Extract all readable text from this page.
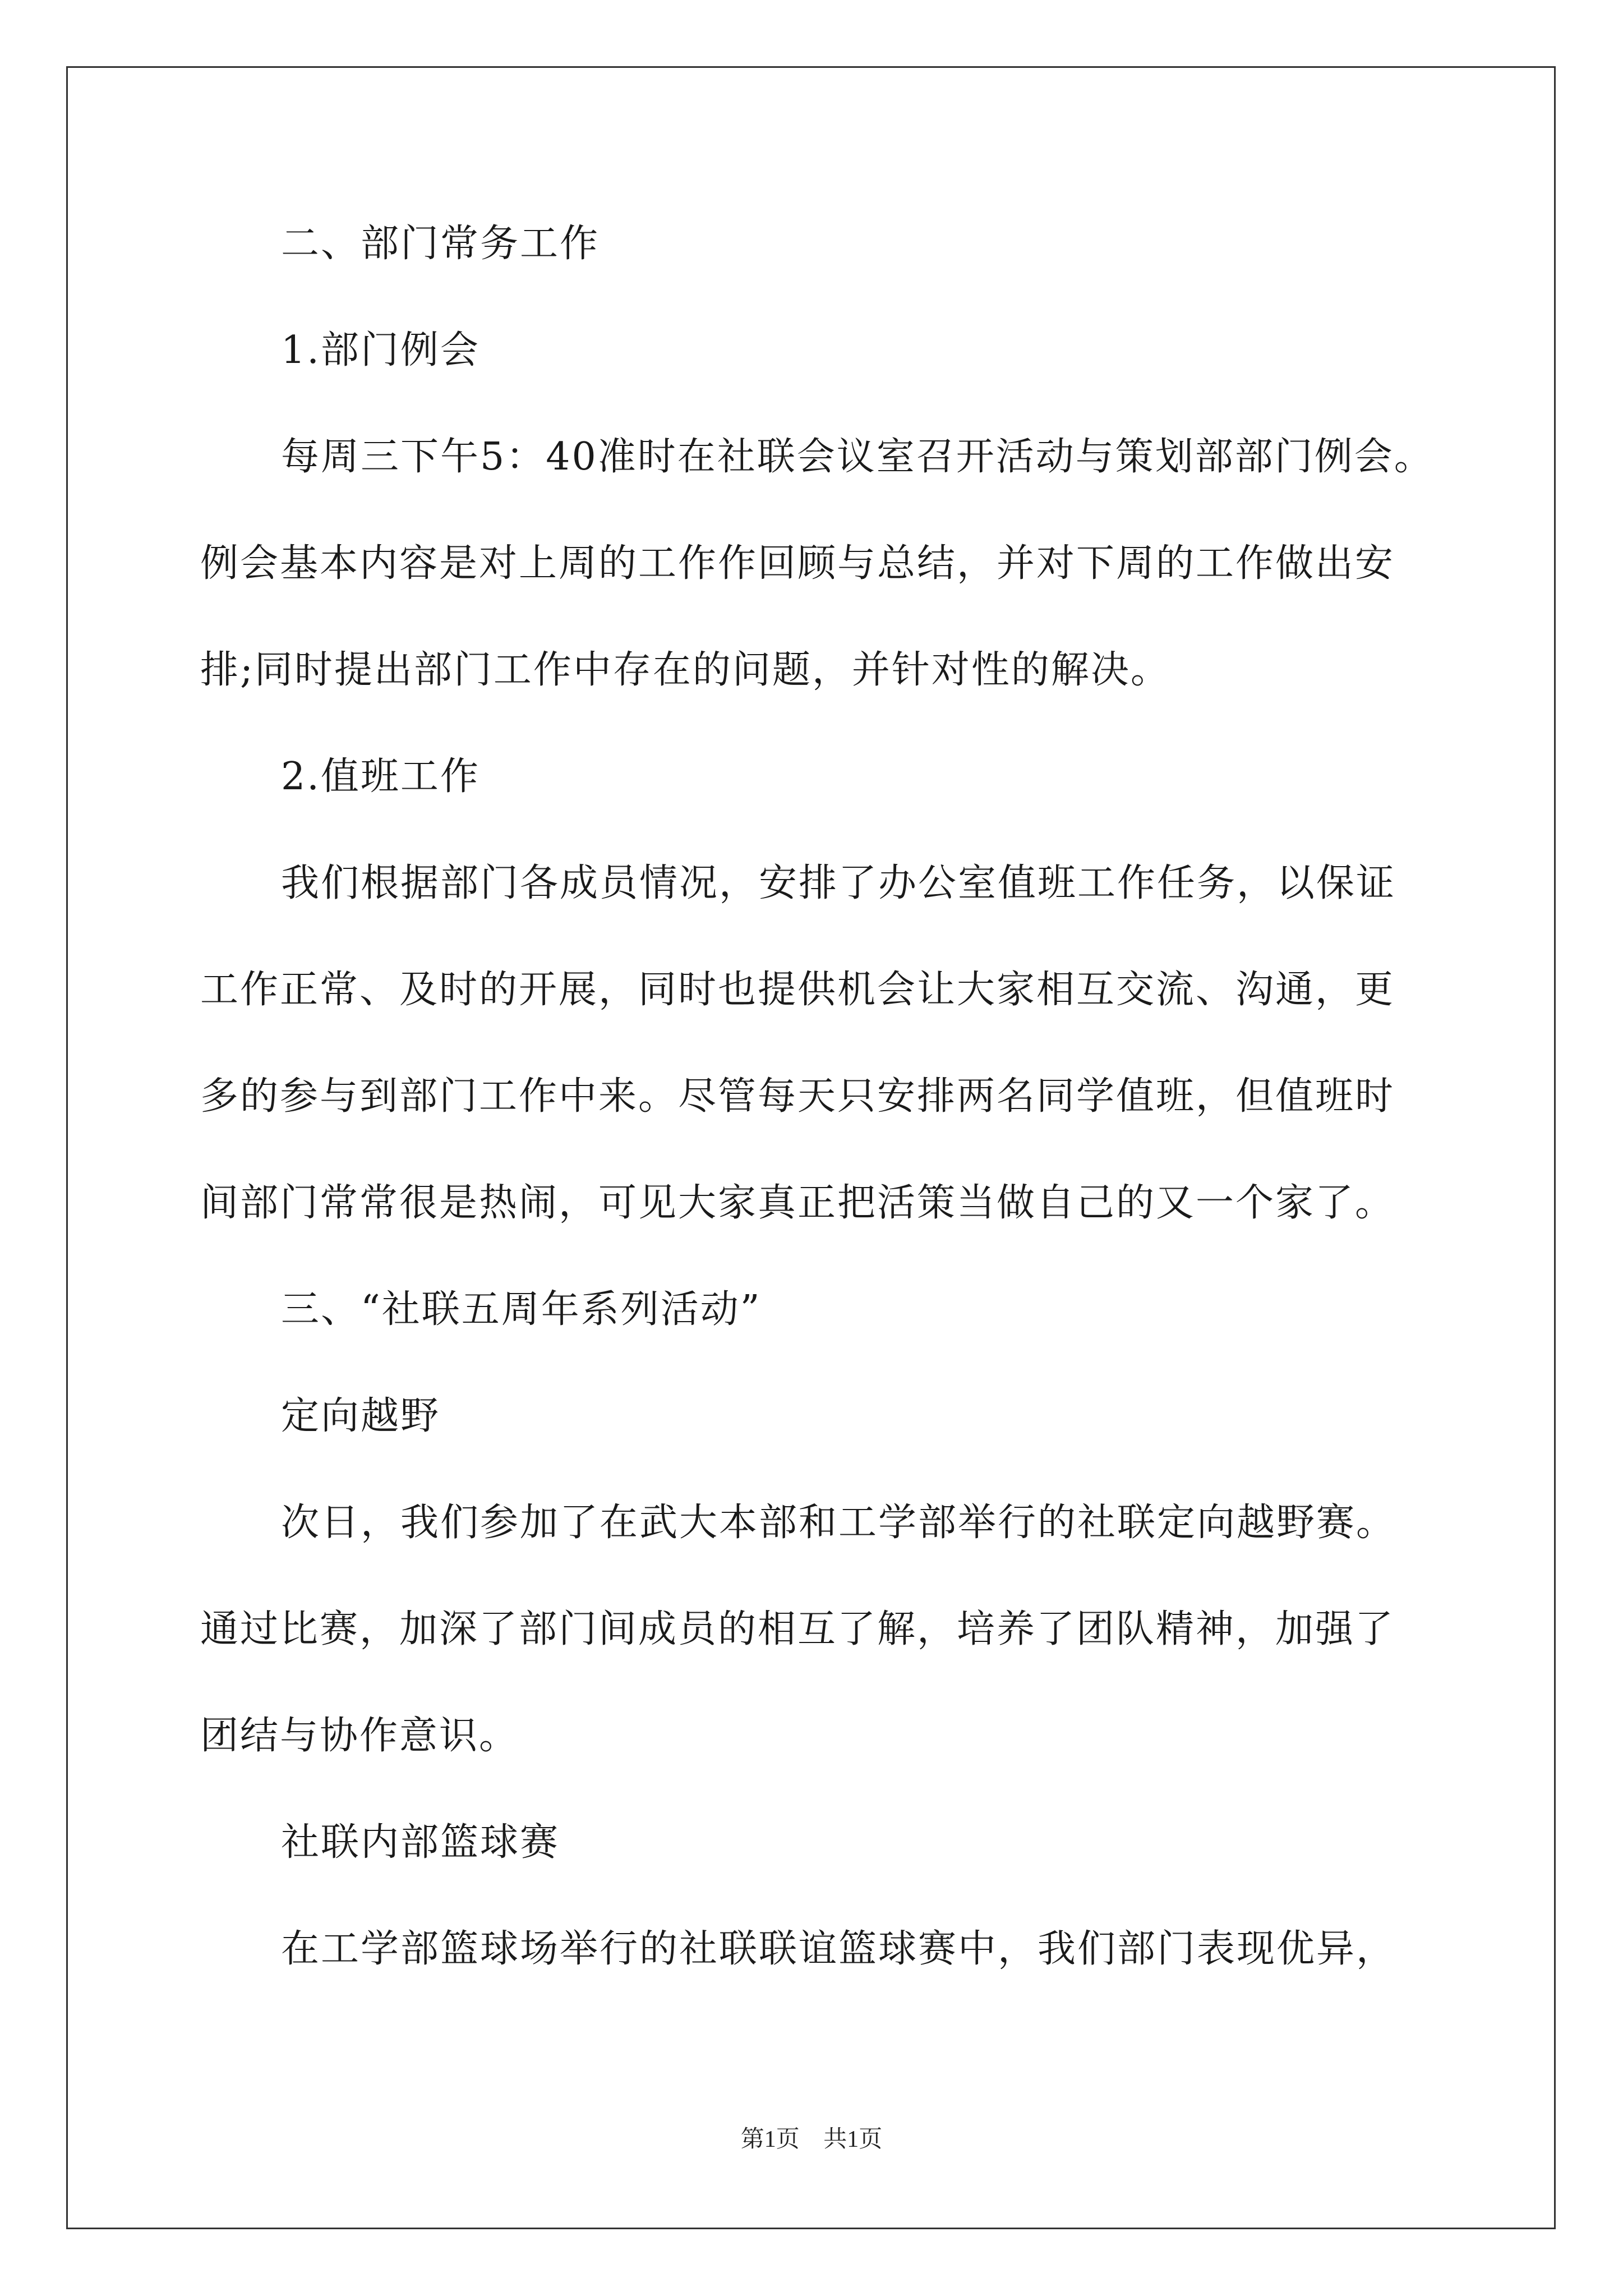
二、部门常务工作

1.部门例会

每周三下午5：40准时在社联会议室召开活动与策划部部门例会。

例会基本内容是对上周的工作作回顾与总结，并对下周的工作做出安

排;同时提出部门工作中存在的问题，并针对性的解决。

2.值班工作

我们根据部门各成员情况，安排了办公室值班工作任务，以保证

工作正常、及时的开展，同时也提供机会让大家相互交流、沟通，更

多的参与到部门工作中来。尽管每天只安排两名同学值班，但值班时

间部门常常很是热闹，可见大家真正把活策当做自己的又一个家了。

三、“社联五周年系列活动”

定向越野

次日，我们参加了在武大本部和工学部举行的社联定向越野赛。

通过比赛，加深了部门间成员的相互了解，培养了团队精神，加强了

团结与协作意识。

社联内部篮球赛

在工学部篮球场举行的社联联谊篮球赛中，我们部门表现优异，

第1页 共1页
